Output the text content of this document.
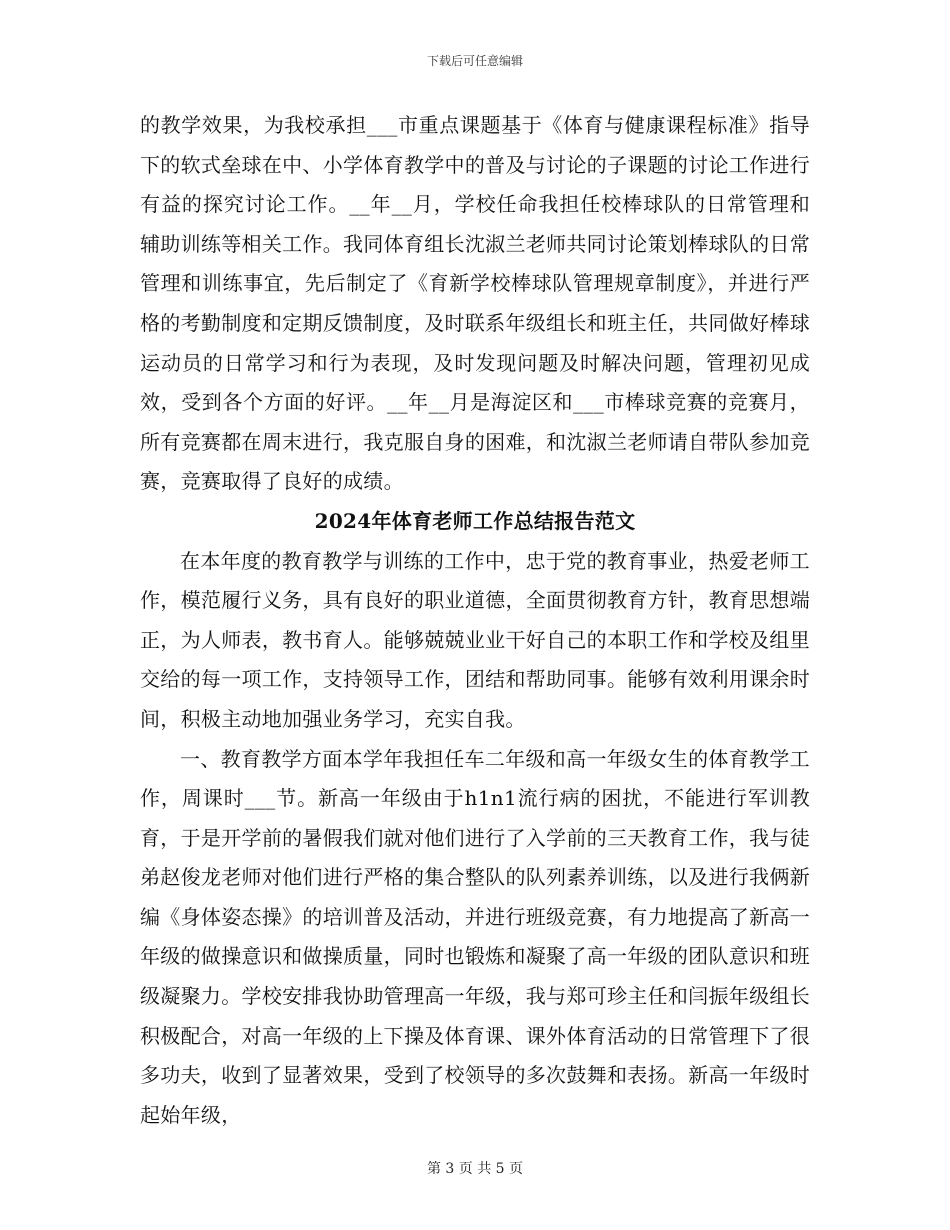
下载后可任意编辑

的教学效果，为我校承担___市重点课题基于《体育与健康课程标准》指导下的软式垒球在中、小学体育教学中的普及与讨论的子课题的讨论工作进行有益的探究讨论工作。__年__月，学校任命我担任校棒球队的日常管理和辅助训练等相关工作。我同体育组长沈淑兰老师共同讨论策划棒球队的日常管理和训练事宜，先后制定了《育新学校棒球队管理规章制度》，并进行严格的考勤制度和定期反馈制度，及时联系年级组长和班主任，共同做好棒球运动员的日常学习和行为表现，及时发现问题及时解决问题，管理初见成效，受到各个方面的好评。__年__月是海淀区和___市棒球竞赛的竞赛月，所有竞赛都在周末进行，我克服自身的困难，和沈淑兰老师请自带队参加竞赛，竞赛取得了良好的成绩。

2024年体育老师工作总结报告范文

在本年度的教育教学与训练的工作中，忠于党的教育事业，热爱老师工作，模范履行义务，具有良好的职业道德，全面贯彻教育方针，教育思想端正，为人师表，教书育人。能够兢兢业业干好自己的本职工作和学校及组里交给的每一项工作，支持领导工作，团结和帮助同事。能够有效利用课余时间，积极主动地加强业务学习，充实自我。

一、教育教学方面本学年我担任车二年级和高一年级女生的体育教学工作，周课时___节。新高一年级由于h1n1流行病的困扰，不能进行军训教育，于是开学前的暑假我们就对他们进行了入学前的三天教育工作，我与徒弟赵俊龙老师对他们进行严格的集合整队的队列素养训练，以及进行我俩新编《身体姿态操》的培训普及活动，并进行班级竞赛，有力地提高了新高一年级的做操意识和做操质量，同时也锻炼和凝聚了高一年级的团队意识和班级凝聚力。学校安排我协助管理高一年级，我与郑可珍主任和闫振年级组长积极配合，对高一年级的上下操及体育课、课外体育活动的日常管理下了很多功夫，收到了显著效果，受到了校领导的多次鼓舞和表扬。新高一年级时起始年级，

第 3 页 共 5 页
